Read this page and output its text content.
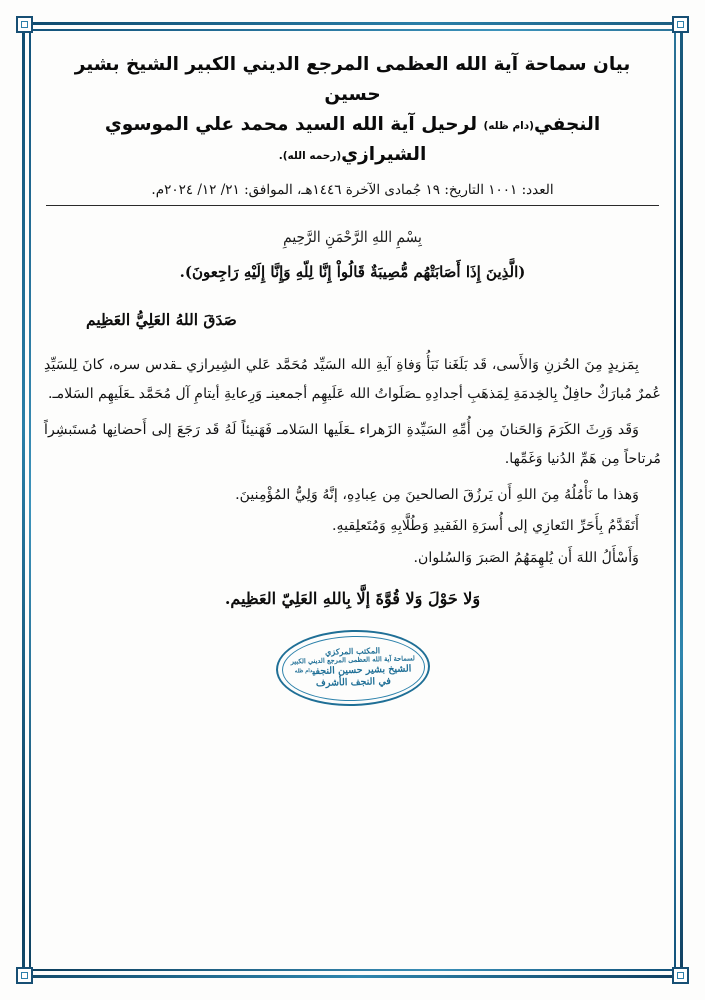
بيان سماحة آية الله العظمى المرجع الديني الكبير الشيخ بشير حسين
النجفي(دام ظله) لرحيل آية الله السيد محمد علي الموسوي الشيرازي(رحمه الله).
العدد: ١٠٠١ التاريخ: ١٩ جُمادى الآخرة ١٤٤٦هـ، الموافق: ٢١/ ١٢/ ٢٠٢٤م.
بِسْمِ اللهِ الرَّحْمَنِ الرَّحِيمِ
(الَّذِينَ إِذَا أَصَابَتْهُم مُّصِيبَةٌ قَالُواْ إِنَّا لِلّهِ وَإِنَّا إِلَيْهِ رَاجِعونَ).
صَدَقَ اللهُ العَلِيُّ العَظِيم

بِمَزيدٍ مِنَ الحُزنِ وَالأَسى، قَد بَلَغَنا نَبَأُ وَفاةِ آيةِ الله السَيِّد مُحَمَّد عَلي الشِيرازي ـقدس سره، كانَ لِلسَيِّدِ عُمرٌ مُبارَكٌ حافِلٌ بِالخِدمَةِ لِمَذهَبِ أجدادِهِ ـصَلَواتُ الله عَلَيهِم أجمعينـ وَرِعايةِ أيتامِ آل مُحَمَّد ـعَلَيهِم السَلامـ.

وَقَد وَرِثَ الكَرَمَ وَالحَنانَ مِن أُمِّهِ السَيِّدةِ الزَهراء ـعَلَيها السَلامـ فَهَنيئاً لَهُ قَد رَجَعَ إلى أَحضانِها مُستَبشِراً مُرتاحاً مِن هَمِّ الدُنيا وَغَمِّها.

وَهذا ما نَأْمُلُهُ مِنَ اللهِ أَن يَرزُقَ الصالحينَ مِن عِبادِهِ، إنَّهُ وَلِيُّ المُؤْمِنينَ.

أَتَقَدَّمُ بِأَحَرِّ التَعازِي إلى أُسرَةِ الفَقيدِ وَطُلَّابِهِ وَمُتَعلِقيهِ.

وَأَسْأَلُ اللهَ أَن يُلهِمَهُمُ الصَبرَ وَالسُلوان.

وَلا حَوْلَ وَلا قُوَّةَ إلَّا بِاللهِ العَلِيّ العَظِيم.
المكتب المركزي
لسماحة آية الله العظمى المرجع الديني الكبير
الشيخ بشير حسين النجفي$^{دام ظله}$
في النجف الأشرف
